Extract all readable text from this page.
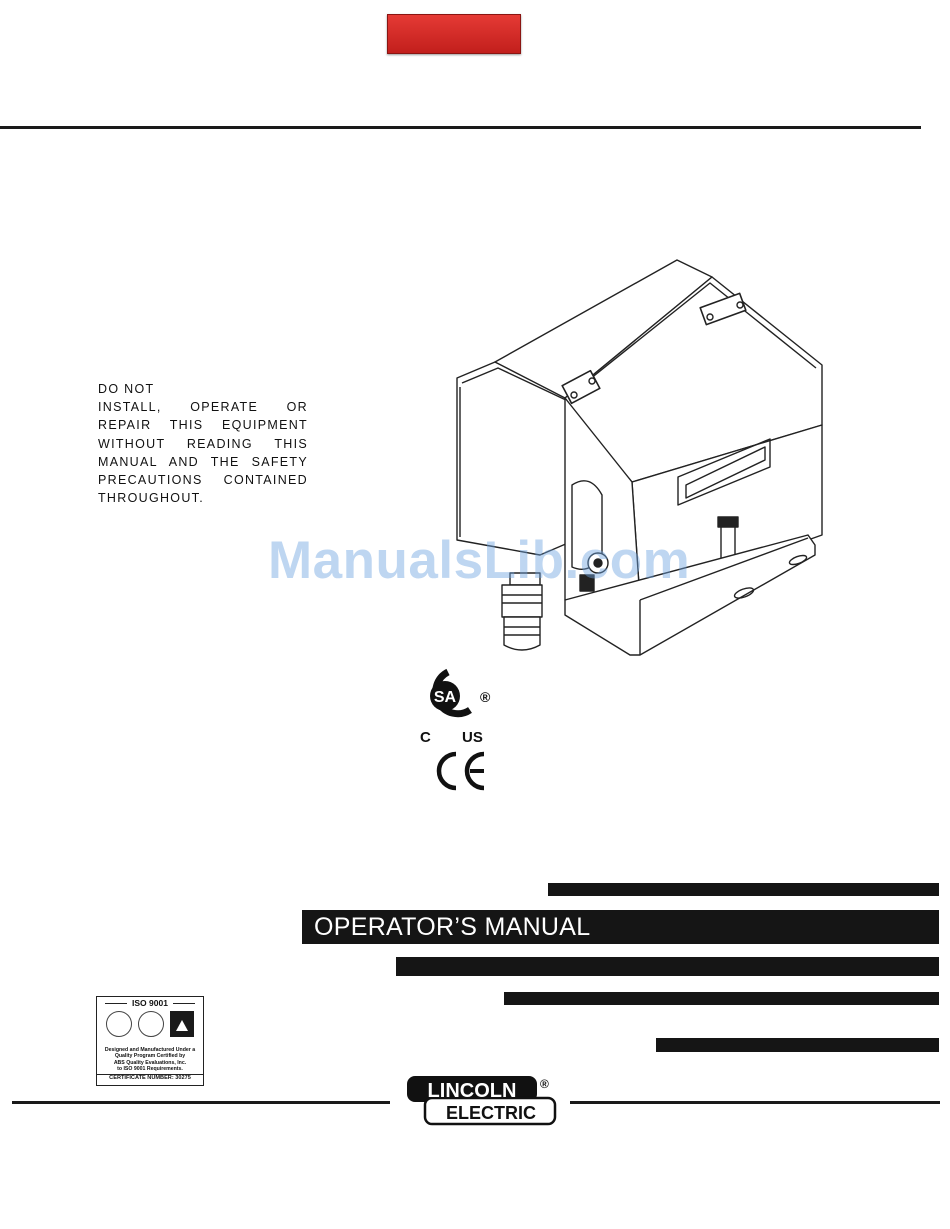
DO NOT
INSTALL, OPERATE OR REPAIR THIS EQUIPMENT WITHOUT READING THIS MANUAL AND THE SAFETY PRECAUTIONS CONTAINED THROUGHOUT.
ManualsLib.com
SA ®
C US
OPERATOR’S MANUAL
ISO 9001
Designed and Manufactured Under a
Quality Program Certified by
ABS Quality Evaluations, Inc.
to ISO 9001 Requirements.
CERTIFICATE NUMBER: 30275
LINCOLN ®
ELECTRIC
